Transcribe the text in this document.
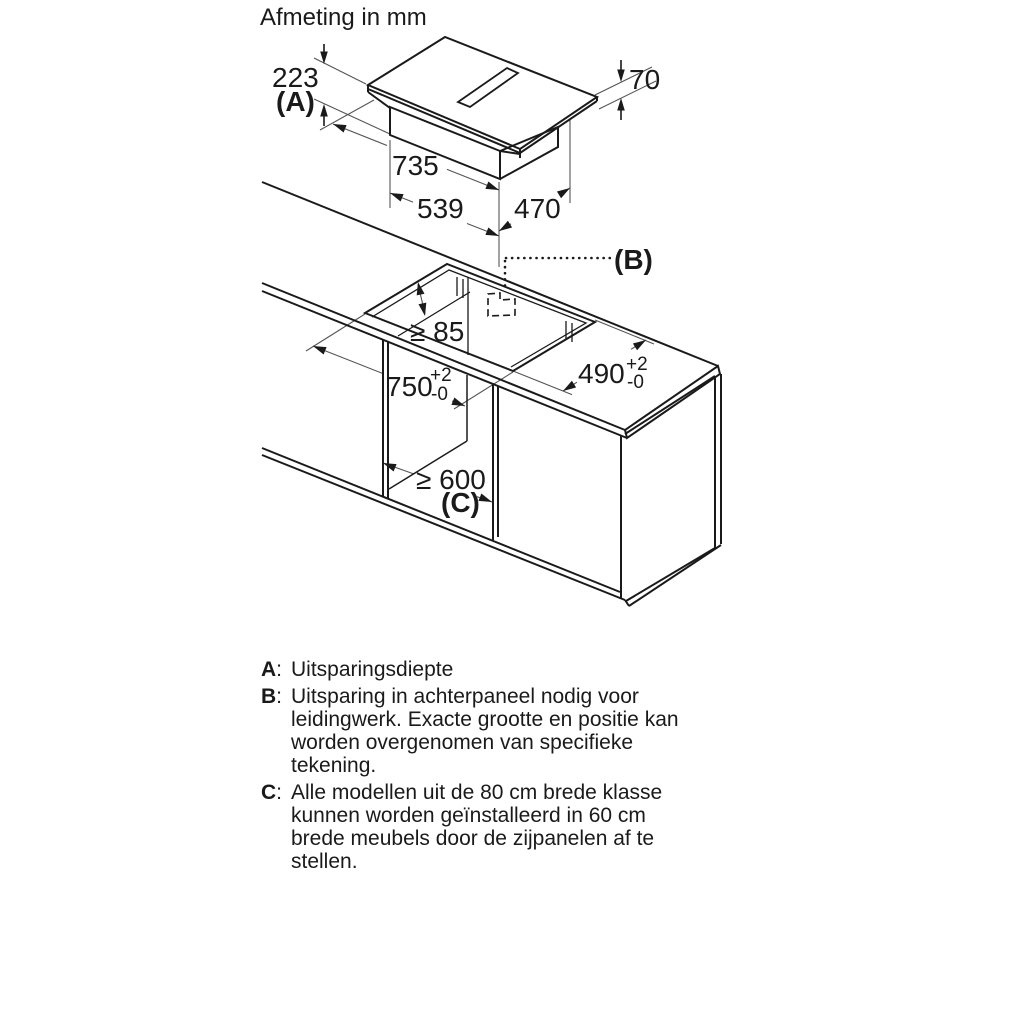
Afmeting in mm
223
(A)
70
735
539 470
≥ 85
750
+2
-0
490 +2
-0
≥ 600
(C)
(B)
A: Uitsparingsdiepte
B: Uitsparing in achterpaneel nodig voor
leidingwerk. Exacte grootte en positie kan
worden overgenomen van specifieke
tekening.
C: Alle modellen uit de 80 cm brede klasse
kunnen worden geïnstalleerd in 60 cm
brede meubels door de zijpanelen af te
stellen.
